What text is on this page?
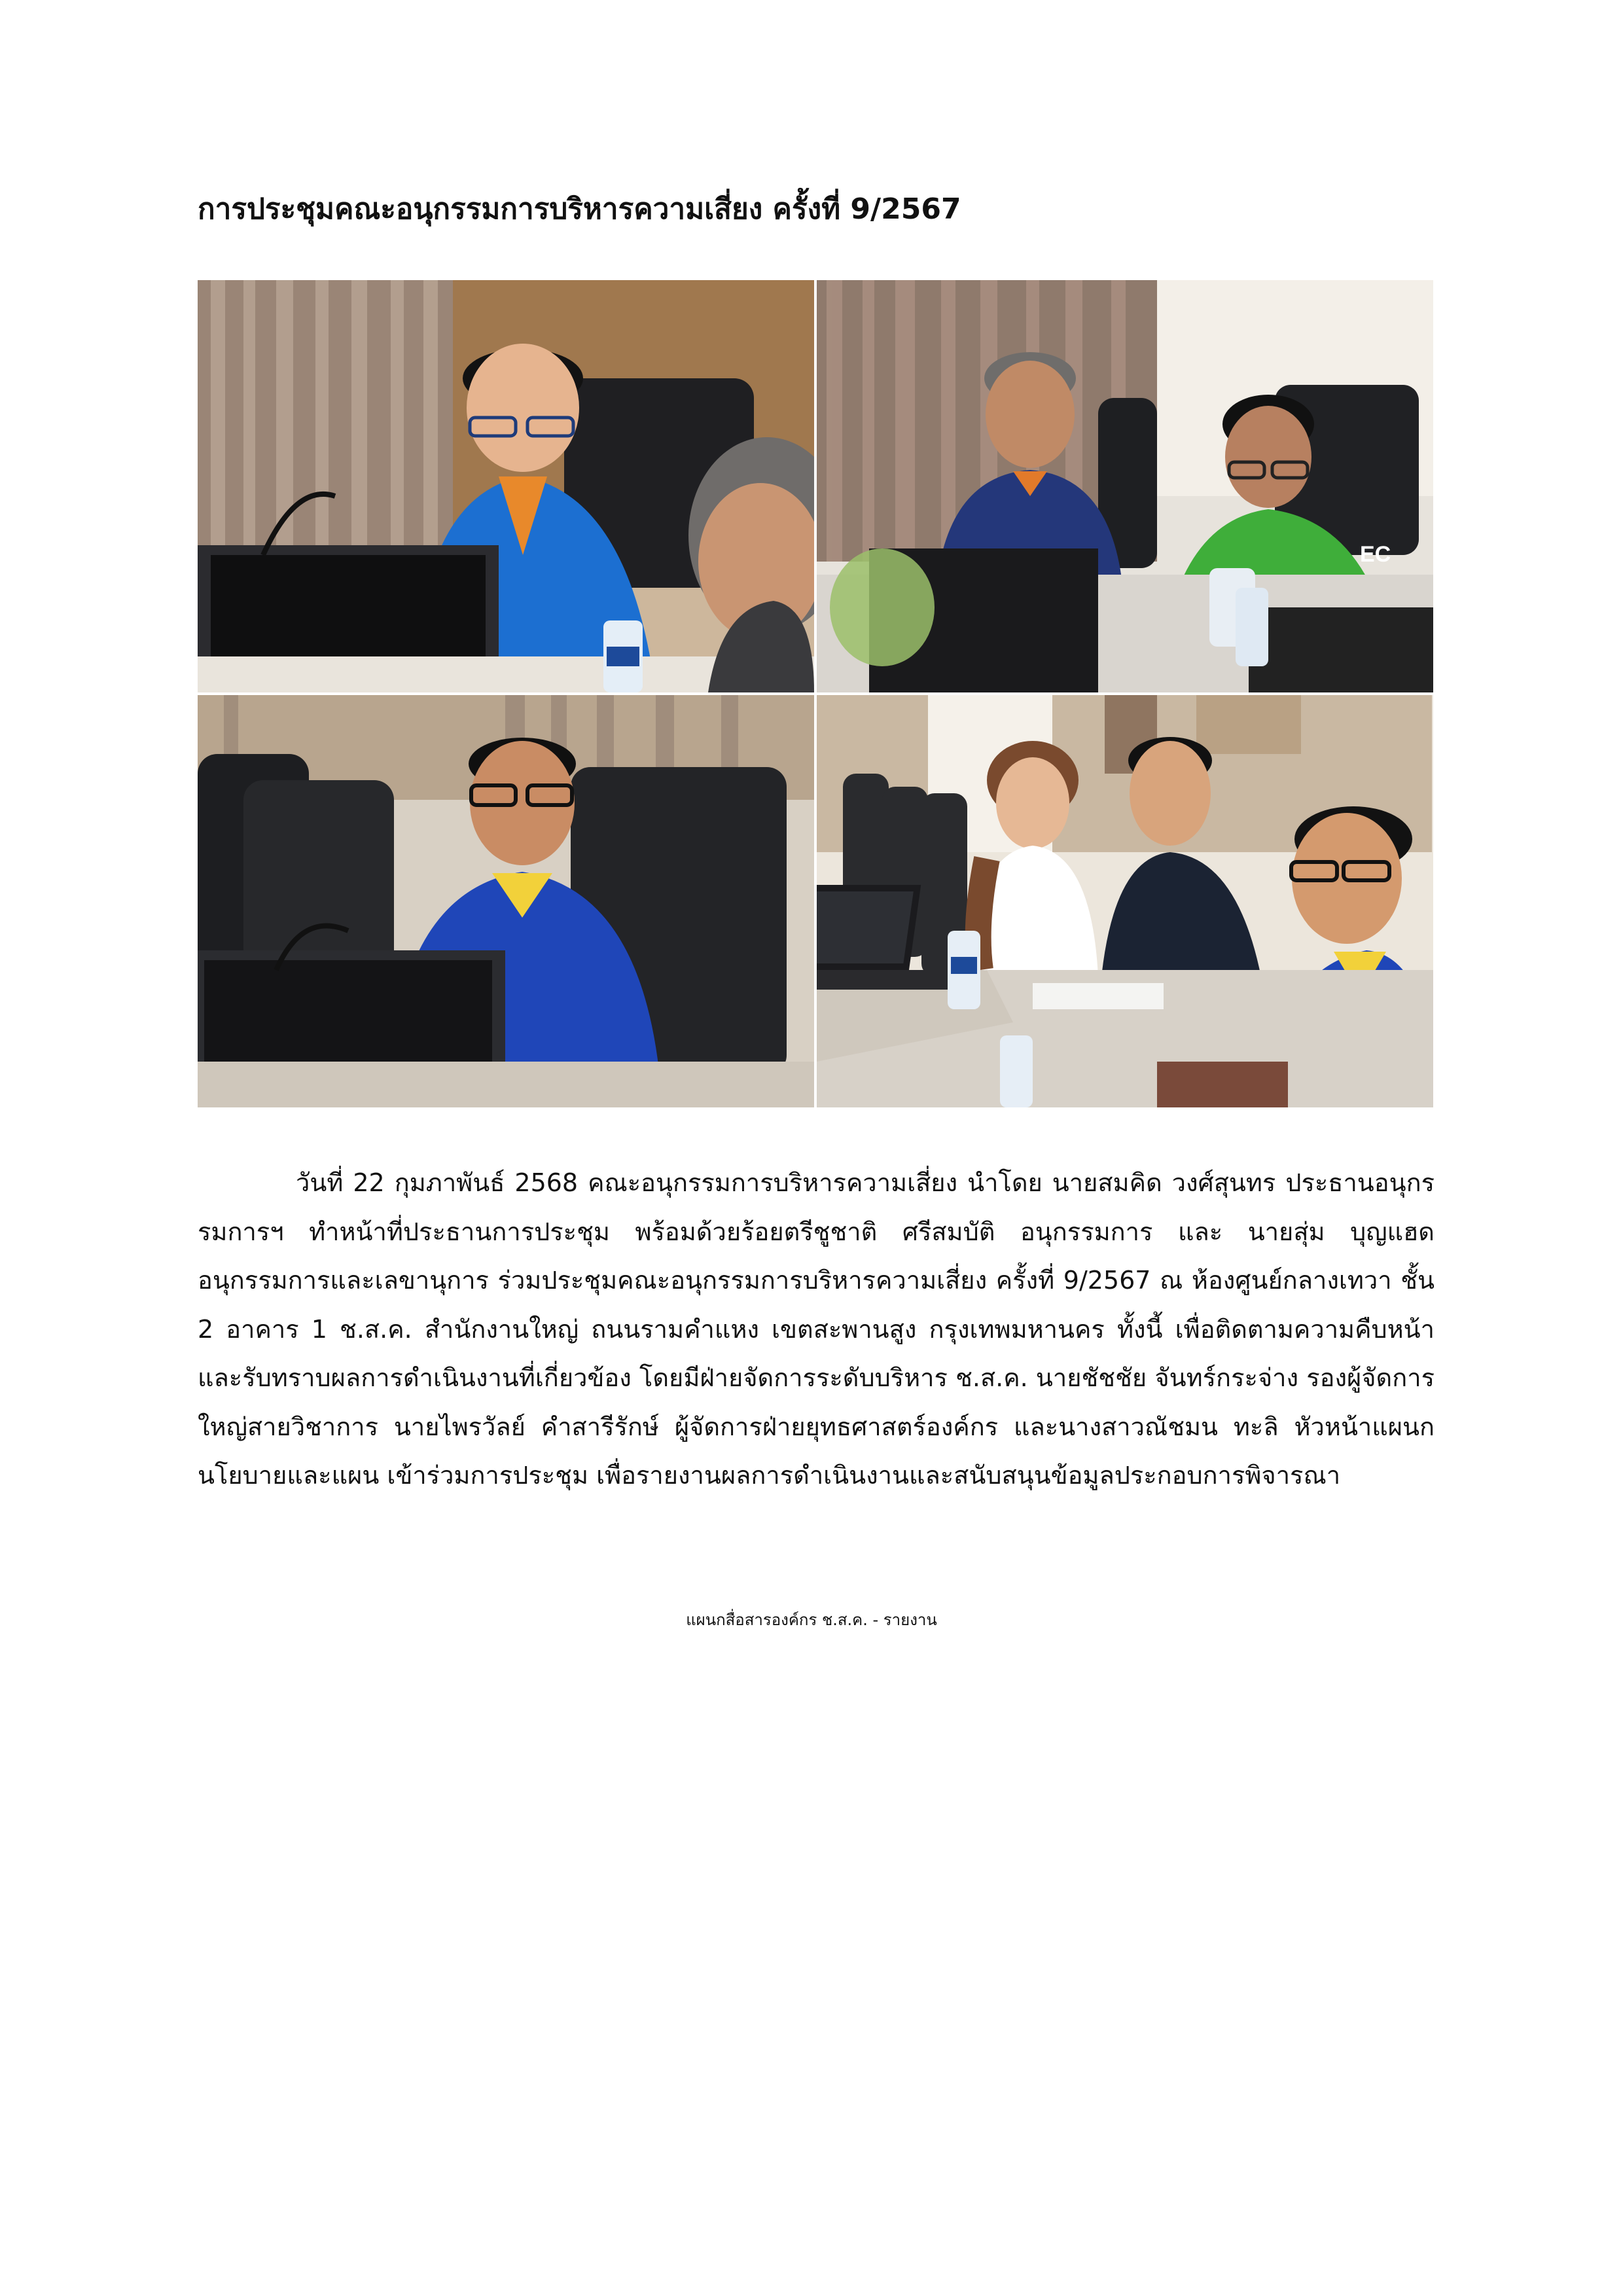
การประชุมคณะอนุกรรมการบริหารความเสี่ยง ครั้งที่ 9/2567
EC

วันที่ 22 กุมภาพันธ์ 2568 คณะอนุกรรมการบริหารความเสี่ยง นำโดย นายสมคิด วงศ์สุนทร ประธานอนุกรรมการฯ ทำหน้าที่ประธานการประชุม พร้อมด้วยร้อยตรีชูชาติ ศรีสมบัติ อนุกรรมการ และ นายสุ่ม บุญแฮด อนุกรรมการและเลขานุการ ร่วมประชุมคณะอนุกรรมการบริหารความเสี่ยง ครั้งที่ 9/2567 ณ ห้องศูนย์กลางเทวา ชั้น 2 อาคาร 1 ช.ส.ค. สำนักงานใหญ่ ถนนรามคำแหง เขตสะพานสูง กรุงเทพมหานคร ทั้งนี้ เพื่อติดตามความคืบหน้าและรับทราบผลการดำเนินงานที่เกี่ยวข้อง โดยมีฝ่ายจัดการระดับบริหาร ช.ส.ค. นายชัชชัย จันทร์กระจ่าง รองผู้จัดการใหญ่สายวิชาการ นายไพรวัลย์ คำสารีรักษ์ ผู้จัดการฝ่ายยุทธศาสตร์องค์กร และนางสาวณัชมน ทะลิ หัวหน้าแผนกนโยบายและแผน เข้าร่วมการประชุม เพื่อรายงานผลการดำเนินงานและสนับสนุนข้อมูลประกอบการพิจารณา

แผนกสื่อสารองค์กร ช.ส.ค. - รายงาน
